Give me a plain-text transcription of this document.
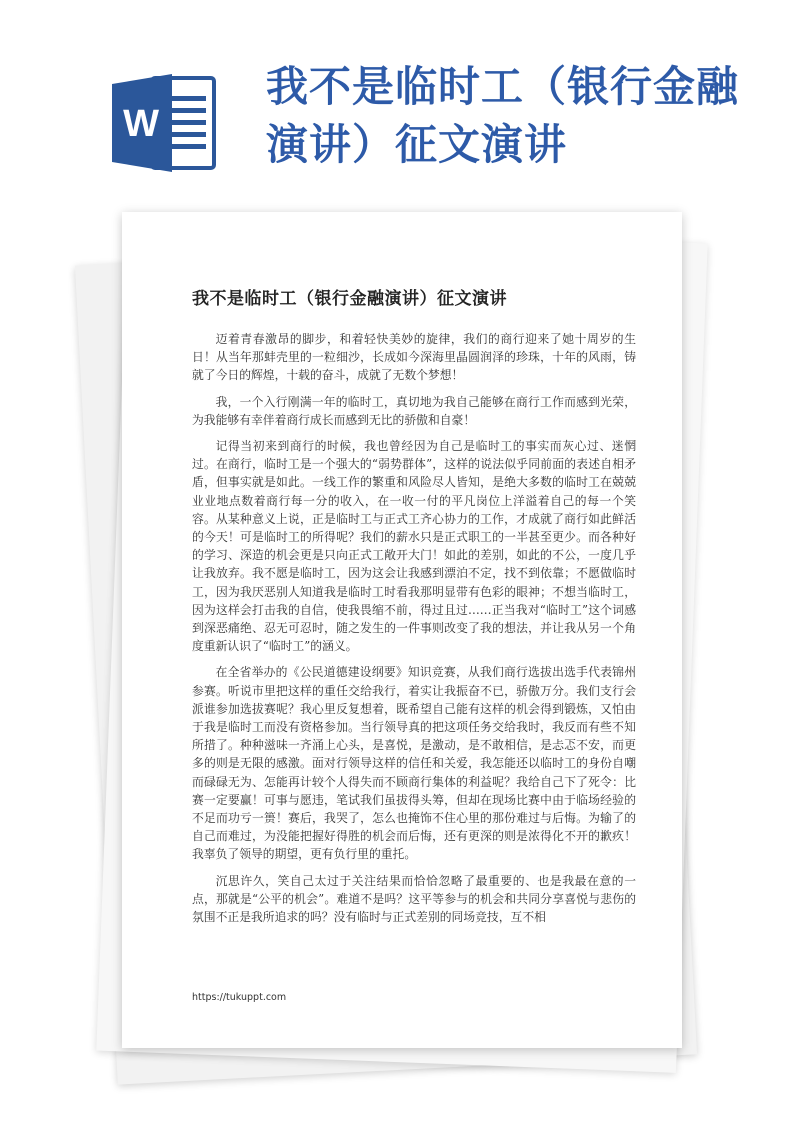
W
我不是临时工（银行金融演讲）征文演讲
我不是临时工（银行金融演讲）征文演讲

迈着青春激昂的脚步，和着轻快美妙的旋律，我们的商行迎来了她十周岁的生日！从当年那蚌壳里的一粒细沙，长成如今深海里晶圆润泽的珍珠，十年的风雨，铸就了今日的辉煌，十载的奋斗，成就了无数个梦想！

我，一个入行刚满一年的临时工，真切地为我自己能够在商行工作而感到光荣，为我能够有幸伴着商行成长而感到无比的骄傲和自豪！

记得当初来到商行的时候，我也曾经因为自己是临时工的事实而灰心过、迷惘过。在商行，临时工是一个强大的“弱势群体”，这样的说法似乎同前面的表述自相矛盾，但事实就是如此。一线工作的繁重和风险尽人皆知，是绝大多数的临时工在兢兢业业地点数着商行每一分的收入，在一收一付的平凡岗位上洋溢着自己的每一个笑容。从某种意义上说，正是临时工与正式工齐心协力的工作，才成就了商行如此鲜活的今天！可是临时工的所得呢？我们的薪水只是正式职工的一半甚至更少。而各种好的学习、深造的机会更是只向正式工敞开大门！如此的差别，如此的不公，一度几乎让我放弃。我不愿是临时工，因为这会让我感到漂泊不定，找不到依靠；不愿做临时工，因为我厌恶别人知道我是临时工时看我那明显带有色彩的眼神；不想当临时工，因为这样会打击我的自信，使我畏缩不前，得过且过……正当我对“临时工”这个词感到深恶痛绝、忍无可忍时，随之发生的一件事则改变了我的想法，并让我从另一个角度重新认识了“临时工”的涵义。

在全省举办的《公民道德建设纲要》知识竞赛，从我们商行选拔出选手代表锦州参赛。听说市里把这样的重任交给我行，着实让我振奋不已，骄傲万分。我们支行会派谁参加选拔赛呢？我心里反复想着，既希望自己能有这样的机会得到锻炼，又怕由于我是临时工而没有资格参加。当行领导真的把这项任务交给我时，我反而有些不知所措了。种种滋味一齐涌上心头，是喜悦，是激动，是不敢相信，是忐忑不安，而更多的则是无限的感激。面对行领导这样的信任和关爱，我怎能还以临时工的身份自嘲而碌碌无为、怎能再计较个人得失而不顾商行集体的利益呢？我给自己下了死令：比赛一定要赢！可事与愿违，笔试我们虽拔得头筹，但却在现场比赛中由于临场经验的不足而功亏一篑！赛后，我哭了，怎么也掩饰不住心里的那份难过与后悔。为输了的自己而难过，为没能把握好得胜的机会而后悔，还有更深的则是浓得化不开的歉疚！我辜负了领导的期望，更有负行里的重托。

沉思许久，笑自己太过于关注结果而恰恰忽略了最重要的、也是我最在意的一点，那就是“公平的机会”。难道不是吗？这平等参与的机会和共同分享喜悦与悲伤的氛围不正是我所追求的吗？没有临时与正式差别的同场竞技，互不相

https://tukuppt.com
